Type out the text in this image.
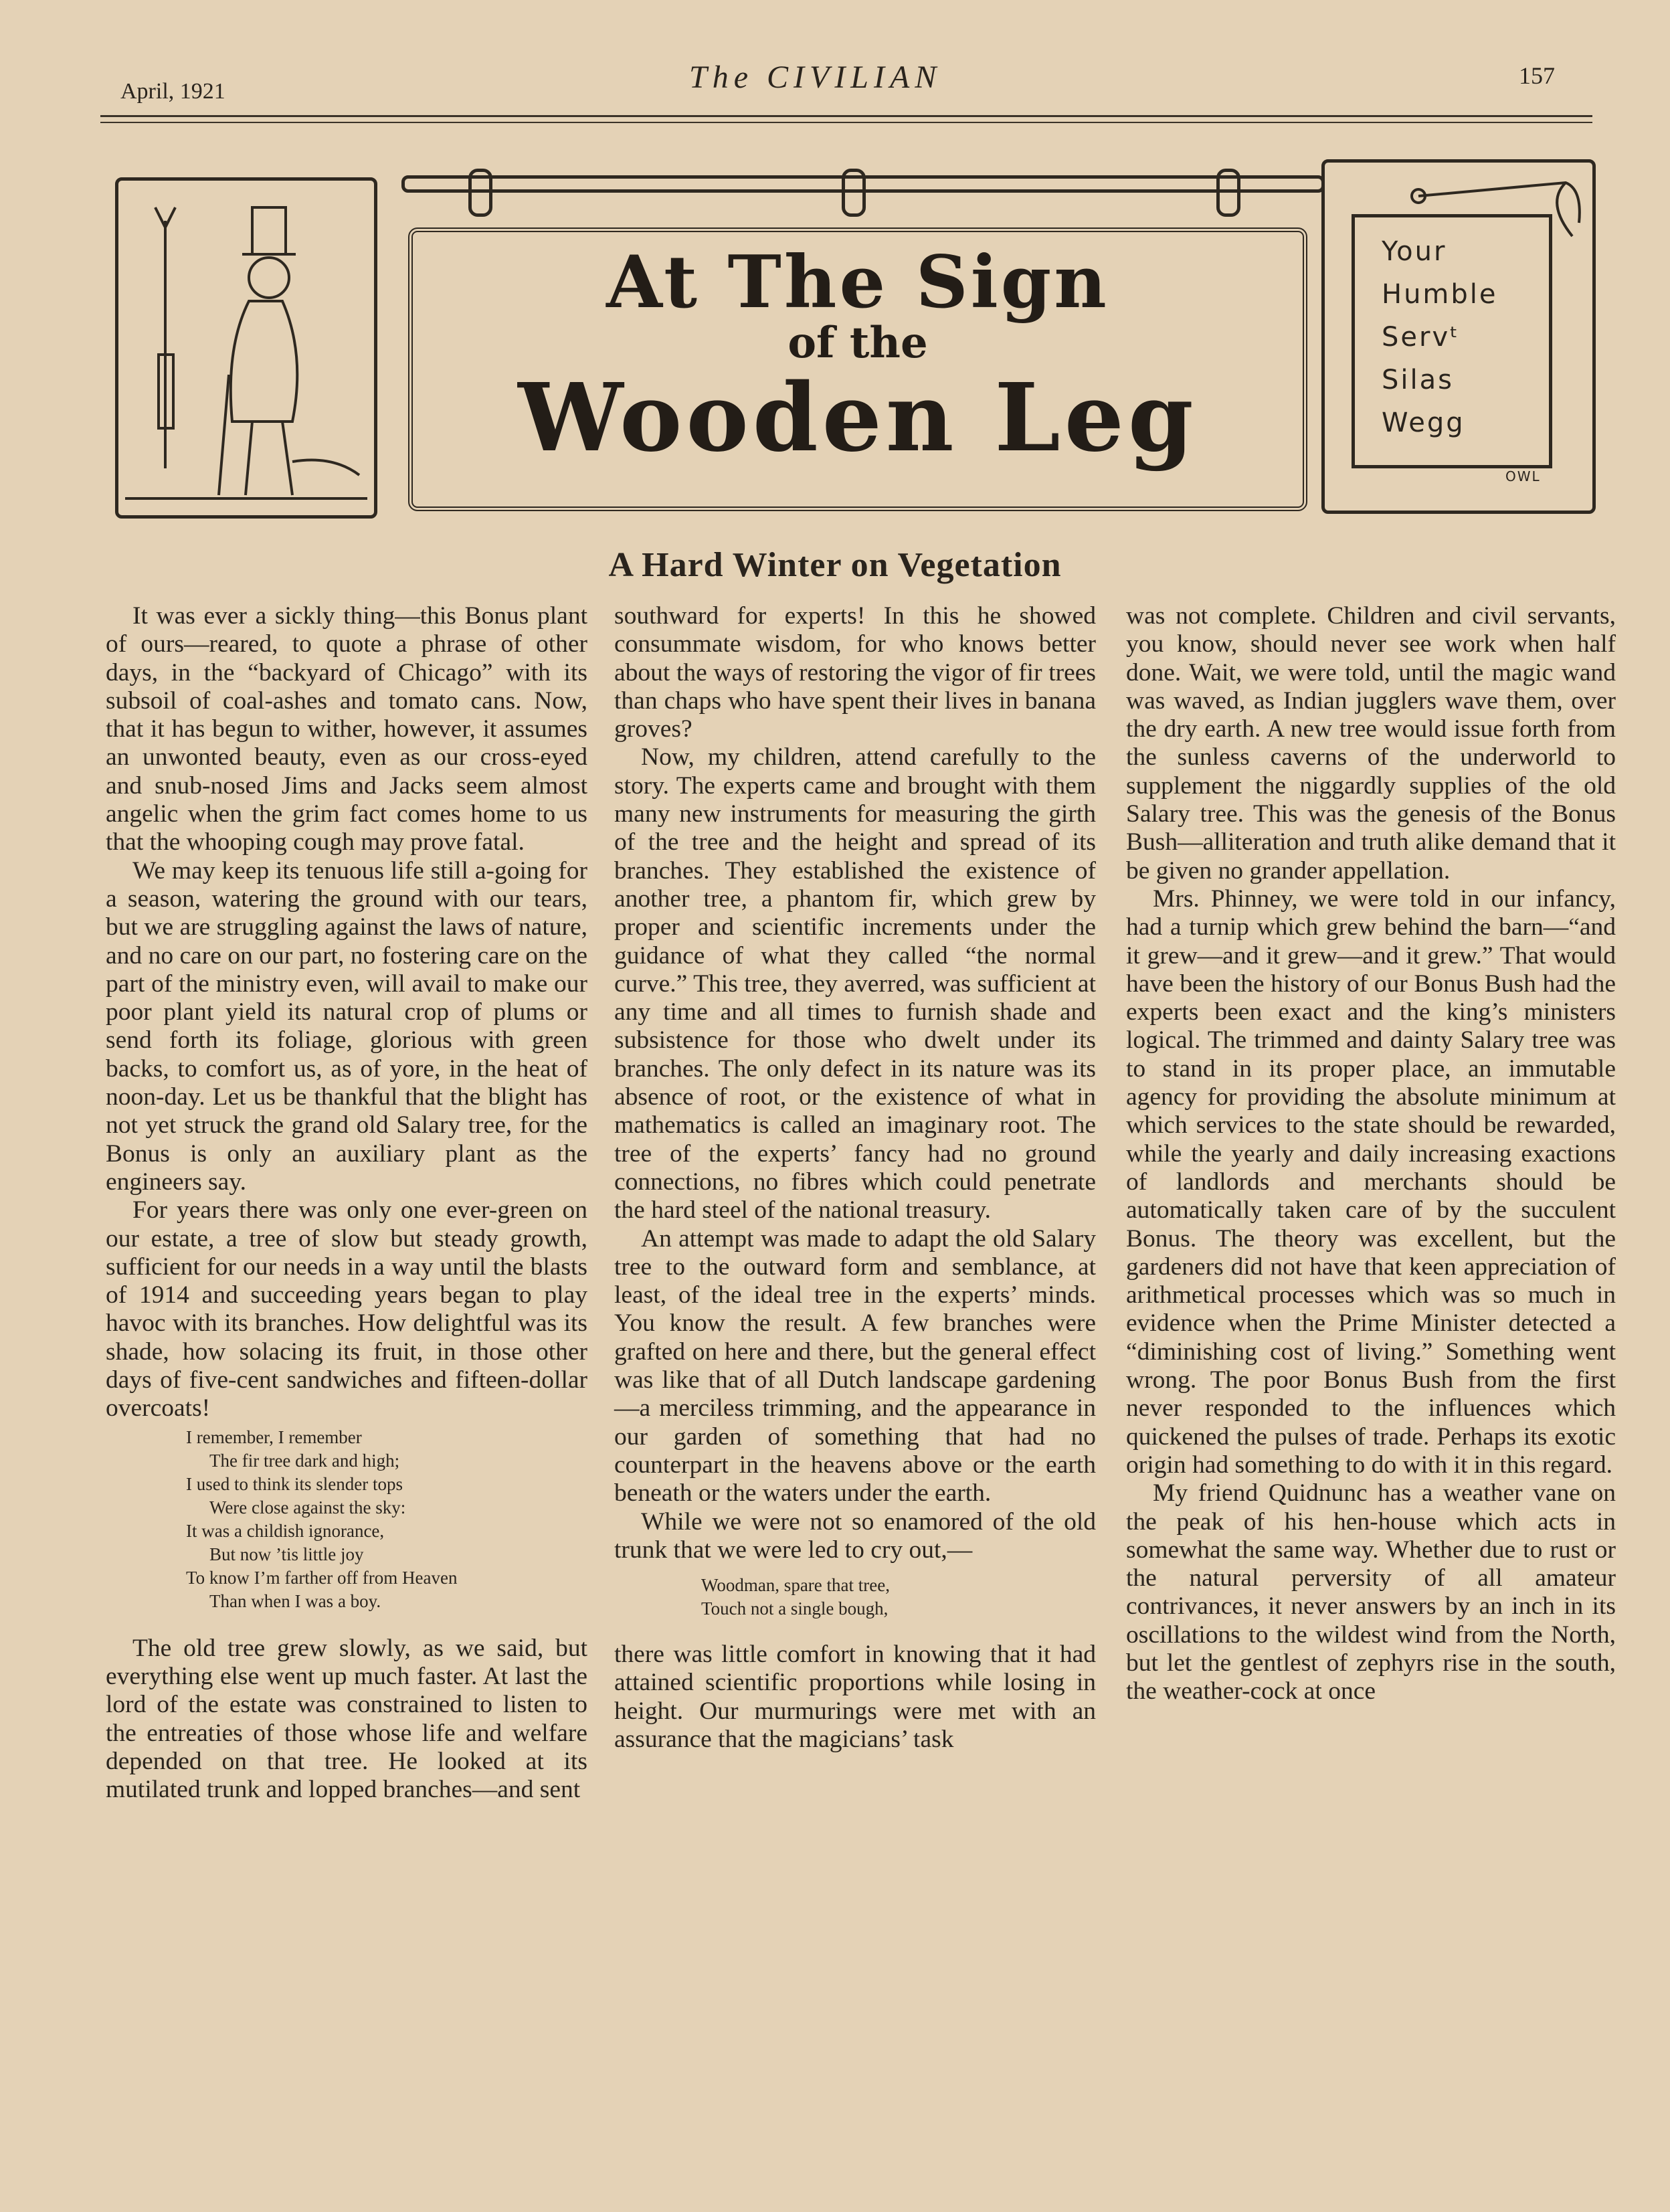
April, 1921	The CIVILIAN	157
At The Sign
of the
Wooden Leg
Your
Humble
Servᵗ
Silas
Wegg
OWL
A Hard Winter on Vegetation

It was ever a sickly thing—this Bonus plant of ours—reared, to quote a phrase of other days, in the “backyard of Chicago” with its subsoil of coal-ashes and tomato cans. Now, that it has begun to wither, however, it assumes an unwonted beauty, even as our cross-eyed and snub-nosed Jims and Jacks seem almost angelic when the grim fact comes home to us that the whooping cough may prove fatal.

We may keep its tenuous life still a-going for a season, watering the ground with our tears, but we are struggling against the laws of nature, and no care on our part, no fostering care on the part of the ministry even, will avail to make our poor plant yield its natural crop of plums or send forth its foliage, glorious with green backs, to comfort us, as of yore, in the heat of noon-day. Let us be thankful that the blight has not yet struck the grand old Salary tree, for the Bonus is only an auxiliary plant as the engineers say.

For years there was only one ever-green on our estate, a tree of slow but steady growth, sufficient for our needs in a way until the blasts of 1914 and succeeding years began to play havoc with its branches. How delightful was its shade, how solacing its fruit, in those other days of five-cent sandwiches and fifteen-dollar overcoats!

I remember, I remember
The fir tree dark and high;
I used to think its slender tops
Were close against the sky:
It was a childish ignorance,
But now ’tis little joy
To know I’m farther off from Heaven
Than when I was a boy.

The old tree grew slowly, as we said, but everything else went up much faster. At last the lord of the estate was constrained to listen to the entreaties of those whose life and welfare depended on that tree. He looked at its mutilated trunk and lopped branches—and sent

southward for experts! In this he showed consummate wisdom, for who knows better about the ways of restoring the vigor of fir trees than chaps who have spent their lives in banana groves?

Now, my children, attend carefully to the story. The experts came and brought with them many new instruments for measuring the girth of the tree and the height and spread of its branches. They established the existence of another tree, a phantom fir, which grew by proper and scientific increments under the guidance of what they called “the normal curve.” This tree, they averred, was sufficient at any time and all times to furnish shade and subsistence for those who dwelt under its branches. The only defect in its nature was its absence of root, or the existence of what in mathematics is called an imaginary root. The tree of the experts’ fancy had no ground connections, no fibres which could penetrate the hard steel of the national treasury.

An attempt was made to adapt the old Salary tree to the outward form and semblance, at least, of the ideal tree in the experts’ minds. You know the result. A few branches were grafted on here and there, but the general effect was like that of all Dutch landscape gardening—a merciless trimming, and the appearance in our garden of something that had no counterpart in the heavens above or the earth beneath or the waters under the earth.

While we were not so enamored of the old trunk that we were led to cry out,—

Woodman, spare that tree,
Touch not a single bough,

there was little comfort in knowing that it had attained scientific proportions while losing in height. Our murmurings were met with an assurance that the magicians’ task

was not complete. Children and civil servants, you know, should never see work when half done. Wait, we were told, until the magic wand was waved, as Indian jugglers wave them, over the dry earth. A new tree would issue forth from the sunless caverns of the underworld to supplement the niggardly supplies of the old Salary tree. This was the genesis of the Bonus Bush—alliteration and truth alike demand that it be given no grander appellation.

Mrs. Phinney, we were told in our infancy, had a turnip which grew behind the barn—“and it grew—and it grew—and it grew.” That would have been the history of our Bonus Bush had the experts been exact and the king’s ministers logical. The trimmed and dainty Salary tree was to stand in its proper place, an immutable agency for providing the absolute minimum at which services to the state should be rewarded, while the yearly and daily increasing exactions of landlords and merchants should be automatically taken care of by the succulent Bonus. The theory was excellent, but the gardeners did not have that keen appreciation of arithmetical processes which was so much in evidence when the Prime Minister detected a “diminishing cost of living.” Something went wrong. The poor Bonus Bush from the first never responded to the influences which quickened the pulses of trade. Perhaps its exotic origin had something to do with it in this regard.

My friend Quidnunc has a weather vane on the peak of his hen-house which acts in somewhat the same way. Whether due to rust or the natural perversity of all amateur contrivances, it never answers by an inch in its oscillations to the wildest wind from the North, but let the gentlest of zephyrs rise in the south, the weather-cock at once
